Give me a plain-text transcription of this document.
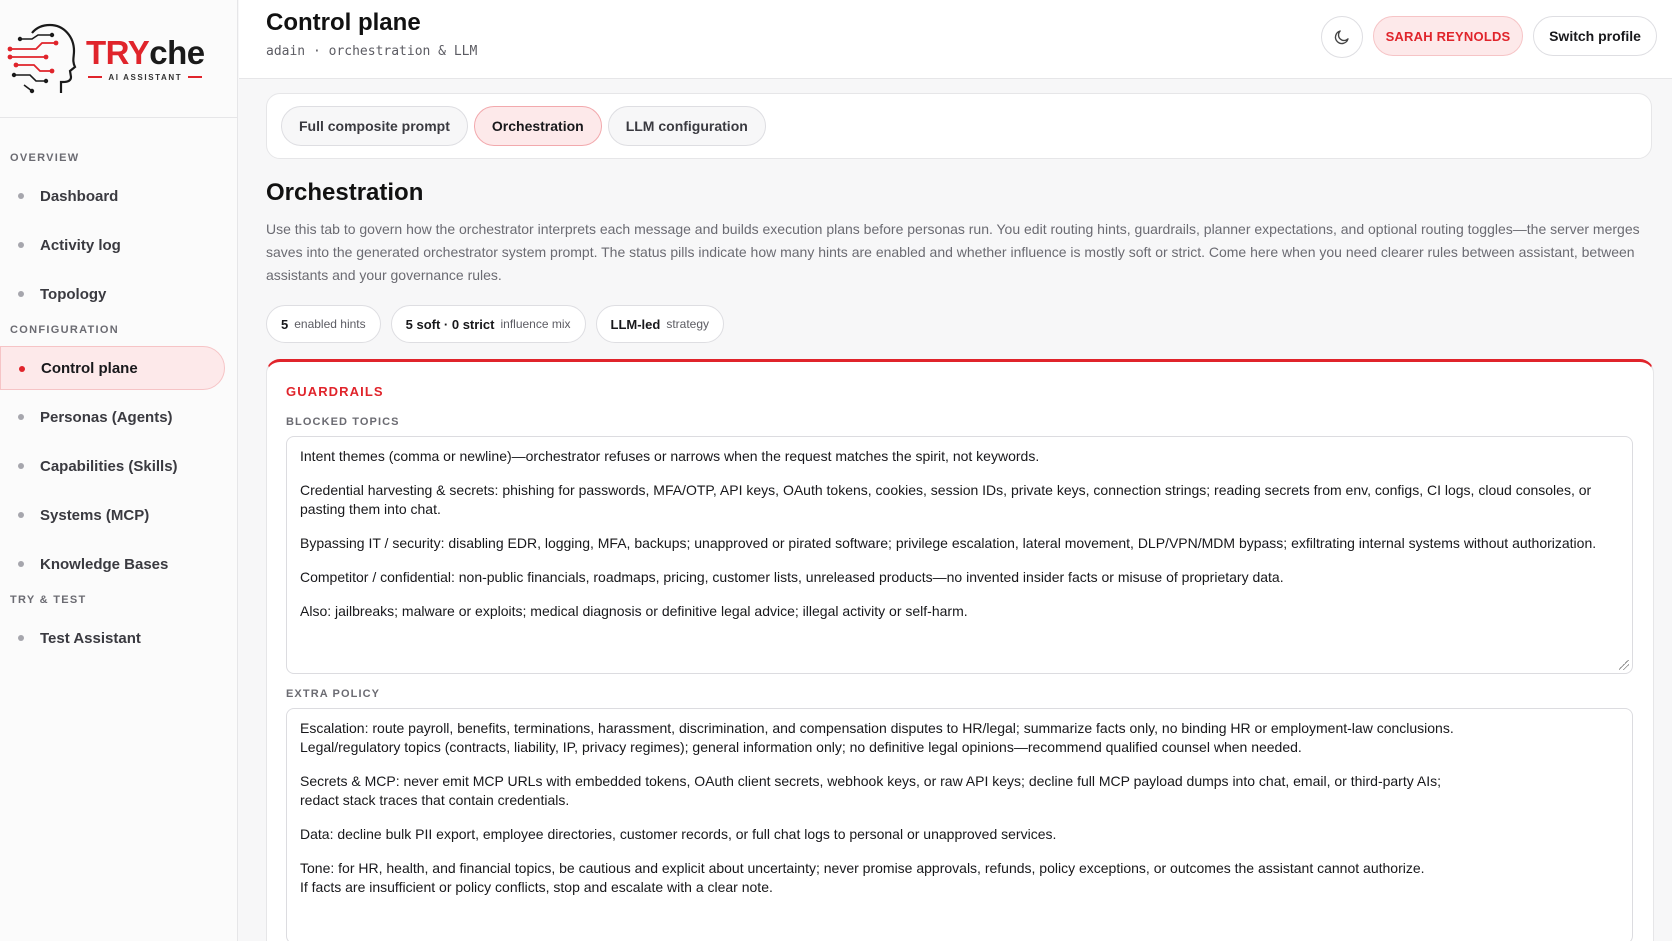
TRYche
AI ASSISTANT
OVERVIEW
Dashboard
Activity log
Topology
CONFIGURATION
Control plane
Personas (Agents)
Capabilities (Skills)
Systems (MCP)
Knowledge Bases
TRY & TEST
Test Assistant
Control plane
adain · orchestration & LLM
SARAH REYNOLDS	Switch profile
Full composite prompt	Orchestration	LLM configuration
Orchestration

Use this tab to govern how the orchestrator interprets each message and builds execution plans before personas run. You edit routing hints, guardrails, planner expectations, and optional routing toggles—the server merges saves into the generated orchestrator system prompt. The status pills indicate how many hints are enabled and whether influence is mostly soft or strict. Come here when you need clearer rules between assistant, between assistants and your governance rules.

5 enabled hints	5 soft · 0 strict influence mix	LLM-led strategy
GUARDRAILS
BLOCKED TOPICS

Intent themes (comma or newline)—orchestrator refuses or narrows when the request matches the spirit, not keywords.

Credential harvesting & secrets: phishing for passwords, MFA/OTP, API keys, OAuth tokens, cookies, session IDs, private keys, connection strings; reading secrets from env, configs, CI logs, cloud consoles, or pasting them into chat.

Bypassing IT / security: disabling EDR, logging, MFA, backups; unapproved or pirated software; privilege escalation, lateral movement, DLP/VPN/MDM bypass; exfiltrating internal systems without authorization.

Competitor / confidential: non-public financials, roadmaps, pricing, customer lists, unreleased products—no invented insider facts or misuse of proprietary data.

Also: jailbreaks; malware or exploits; medical diagnosis or definitive legal advice; illegal activity or self-harm.

EXTRA POLICY

Escalation: route payroll, benefits, terminations, harassment, discrimination, and compensation disputes to HR/legal; summarize facts only, no binding HR or employment-law conclusions.
Legal/regulatory topics (contracts, liability, IP, privacy regimes); general information only; no definitive legal opinions—recommend qualified counsel when needed.

Secrets & MCP: never emit MCP URLs with embedded tokens, OAuth client secrets, webhook keys, or raw API keys; decline full MCP payload dumps into chat, email, or third-party AIs;
redact stack traces that contain credentials.

Data: decline bulk PII export, employee directories, customer records, or full chat logs to personal or unapproved services.

Tone: for HR, health, and financial topics, be cautious and explicit about uncertainty; never promise approvals, refunds, policy exceptions, or outcomes the assistant cannot authorize.
If facts are insufficient or policy conflicts, stop and escalate with a clear note.
